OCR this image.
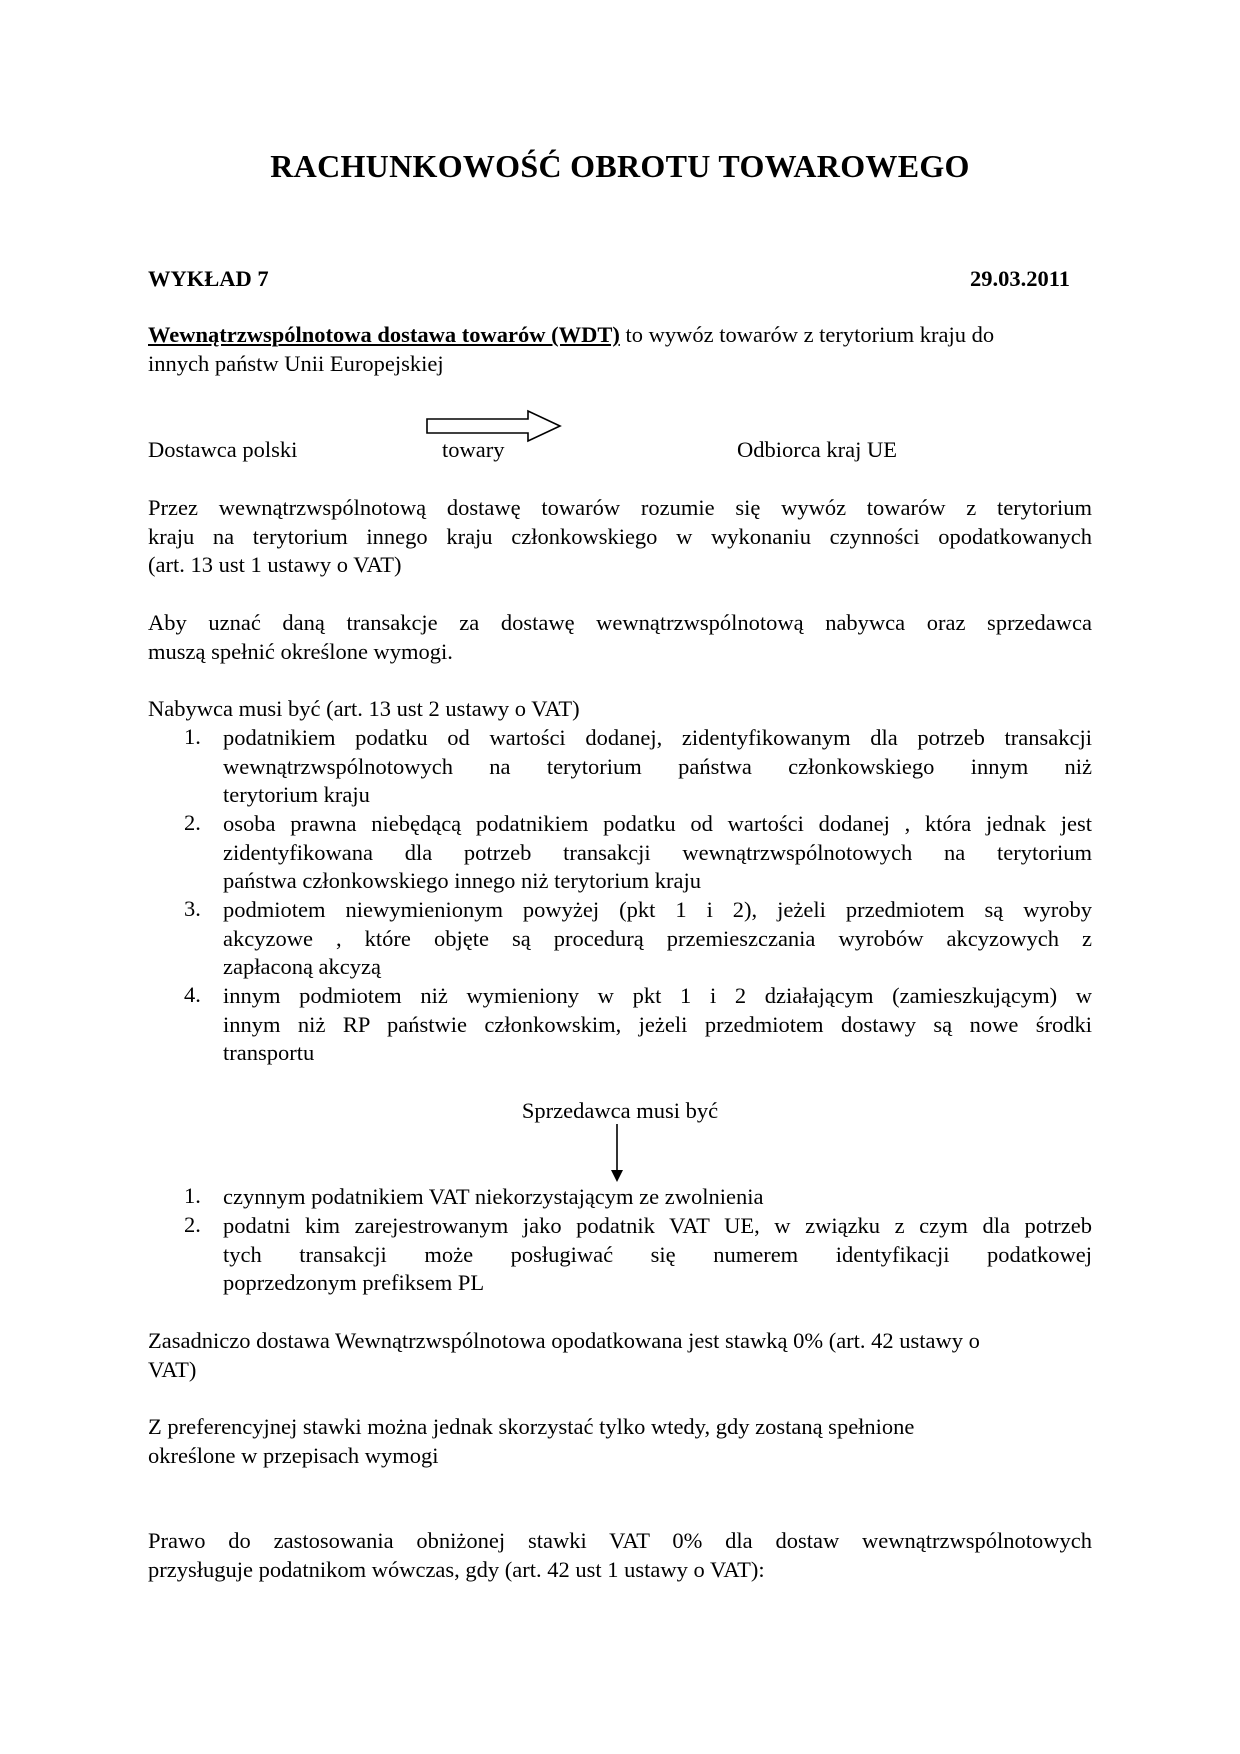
RACHUNKOWOŚĆ OBROTU TOWAROWEGO
WYKŁAD 7	29.03.2011
Wewnątrzwspólnotowa dostawa towarów (WDT) to wywóz towarów z terytorium kraju do
innych państw Unii Europejskiej
Dostawca polski	towary	Odbiorca kraj UE
Przez wewnątrzwspólnotową dostawę towarów rozumie się wywóz towarów z terytorium
kraju na terytorium innego kraju członkowskiego w wykonaniu czynności opodatkowanych
(art. 13 ust 1 ustawy o VAT)
Aby uznać daną transakcje za dostawę wewnątrzwspólnotową nabywca oraz sprzedawca
muszą spełnić określone wymogi.
Nabywca musi być (art. 13 ust 2 ustawy o VAT)
1. podatnikiem podatku od wartości dodanej, zidentyfikowanym dla potrzeb transakcji
wewnątrzwspólnotowych na terytorium państwa członkowskiego innym niż
terytorium kraju
2. osoba prawna niebędącą podatnikiem podatku od wartości dodanej , która jednak jest
zidentyfikowana dla potrzeb transakcji wewnątrzwspólnotowych na terytorium
państwa członkowskiego innego niż terytorium kraju
3. podmiotem niewymienionym powyżej (pkt 1 i 2), jeżeli przedmiotem są wyroby
akcyzowe , które objęte są procedurą przemieszczania wyrobów akcyzowych z
zapłaconą akcyzą
4. innym podmiotem niż wymieniony w pkt 1 i 2 działającym (zamieszkującym) w
innym niż RP państwie członkowskim, jeżeli przedmiotem dostawy są nowe środki
transportu
Sprzedawca musi być
1. czynnym podatnikiem VAT niekorzystającym ze zwolnienia
2. podatni kim zarejestrowanym jako podatnik VAT UE, w związku z czym dla potrzeb
tych transakcji może posługiwać się numerem identyfikacji podatkowej
poprzedzonym prefiksem PL
Zasadniczo dostawa Wewnątrzwspólnotowa opodatkowana jest stawką 0% (art. 42 ustawy o
VAT)
Z preferencyjnej stawki można jednak skorzystać tylko wtedy, gdy zostaną spełnione
określone w przepisach wymogi
Prawo do zastosowania obniżonej stawki VAT 0% dla dostaw wewnątrzwspólnotowych
przysługuje podatnikom wówczas, gdy (art. 42 ust 1 ustawy o VAT):
